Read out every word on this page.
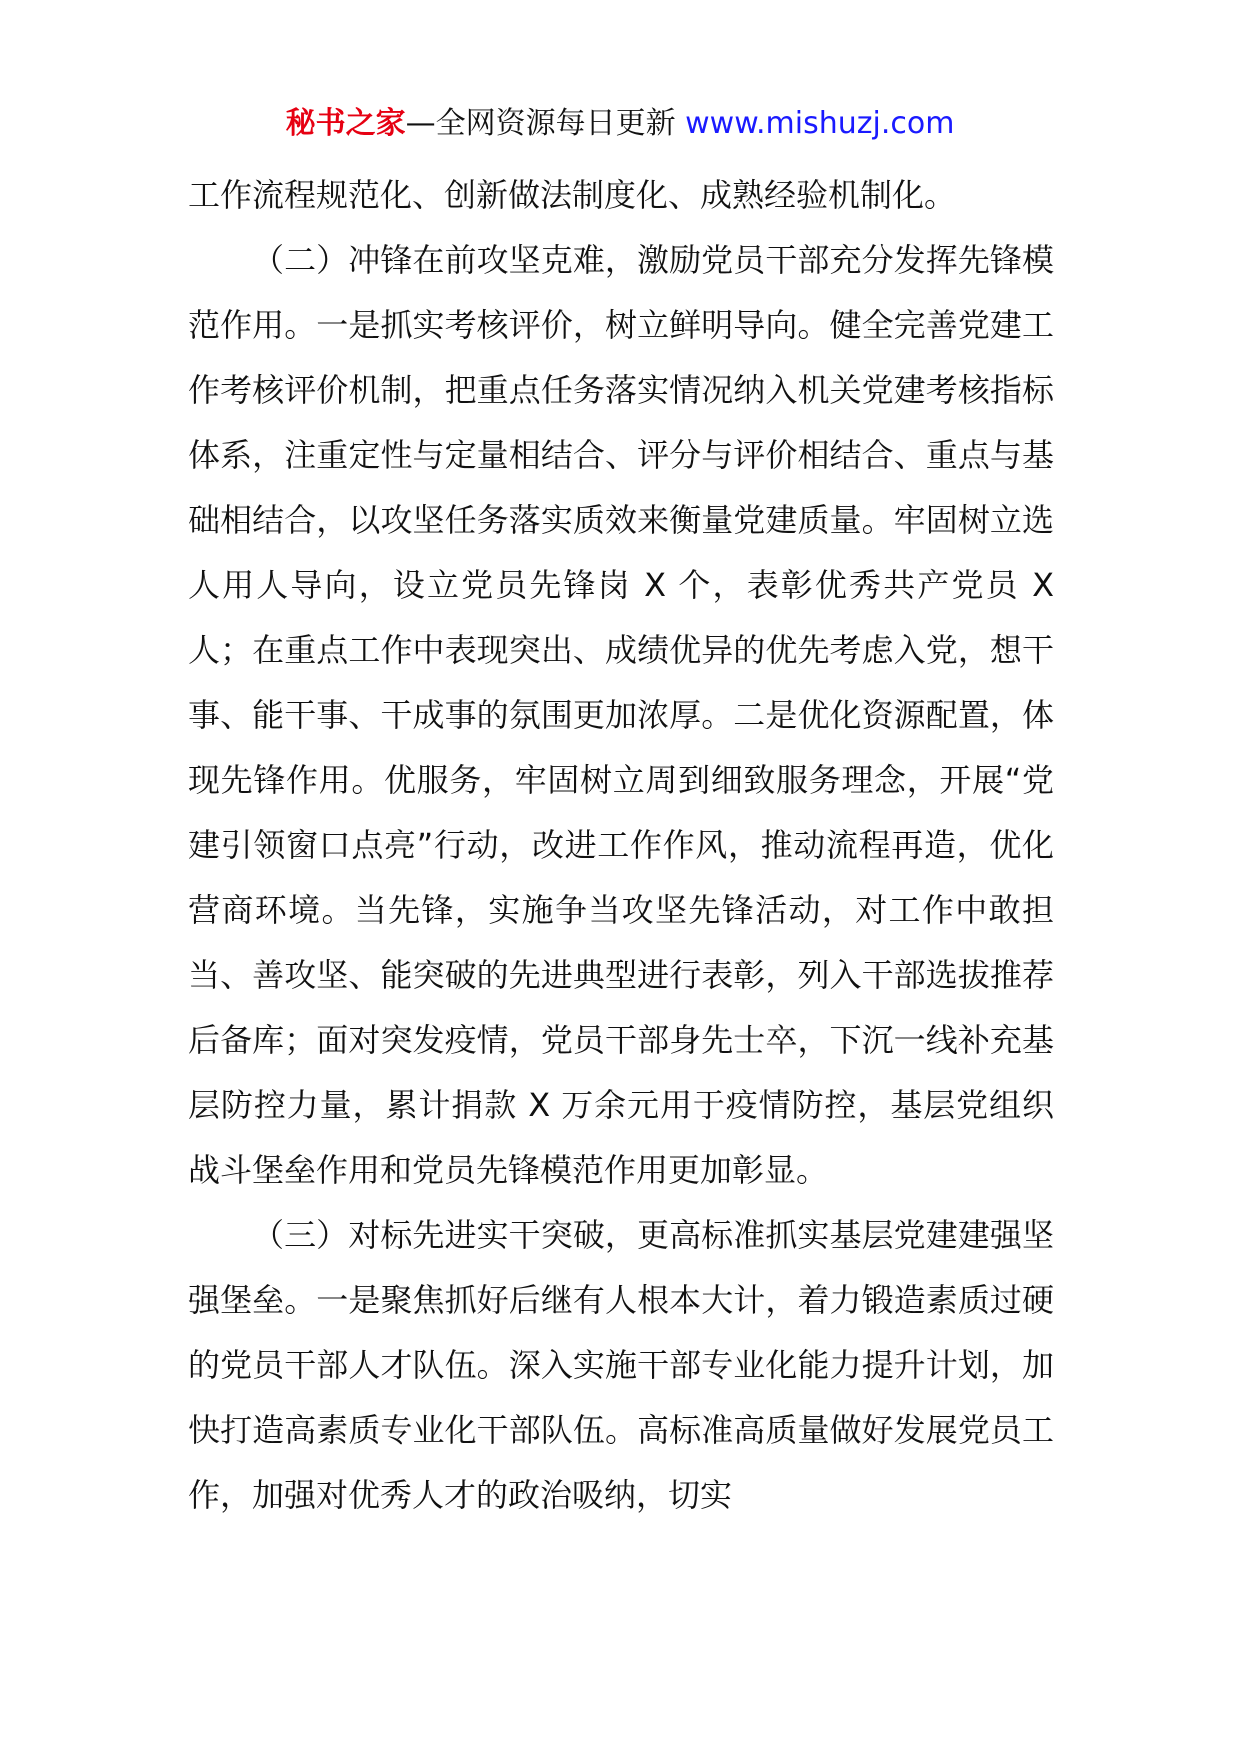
秘书之家—全网资源每日更新 www.mishuzj.com

工作流程规范化、创新做法制度化、成熟经验机制化。

（二）冲锋在前攻坚克难，激励党员干部充分发挥先锋模范作用。一是抓实考核评价，树立鲜明导向。健全完善党建工作考核评价机制，把重点任务落实情况纳入机关党建考核指标体系，注重定性与定量相结合、评分与评价相结合、重点与基础相结合，以攻坚任务落实质效来衡量党建质量。牢固树立选人用人导向，设立党员先锋岗 X 个，表彰优秀共产党员 X 人；在重点工作中表现突出、成绩优异的优先考虑入党，想干事、能干事、干成事的氛围更加浓厚。二是优化资源配置，体现先锋作用。优服务，牢固树立周到细致服务理念，开展“党建引领窗口点亮”行动，改进工作作风，推动流程再造，优化营商环境。当先锋，实施争当攻坚先锋活动，对工作中敢担当、善攻坚、能突破的先进典型进行表彰，列入干部选拔推荐后备库；面对突发疫情，党员干部身先士卒，下沉一线补充基层防控力量，累计捐款 X 万余元用于疫情防控，基层党组织战斗堡垒作用和党员先锋模范作用更加彰显。

（三）对标先进实干突破，更高标准抓实基层党建建强坚强堡垒。一是聚焦抓好后继有人根本大计，着力锻造素质过硬的党员干部人才队伍。深入实施干部专业化能力提升计划，加快打造高素质专业化干部队伍。高标准高质量做好发展党员工作，加强对优秀人才的政治吸纳，切实
